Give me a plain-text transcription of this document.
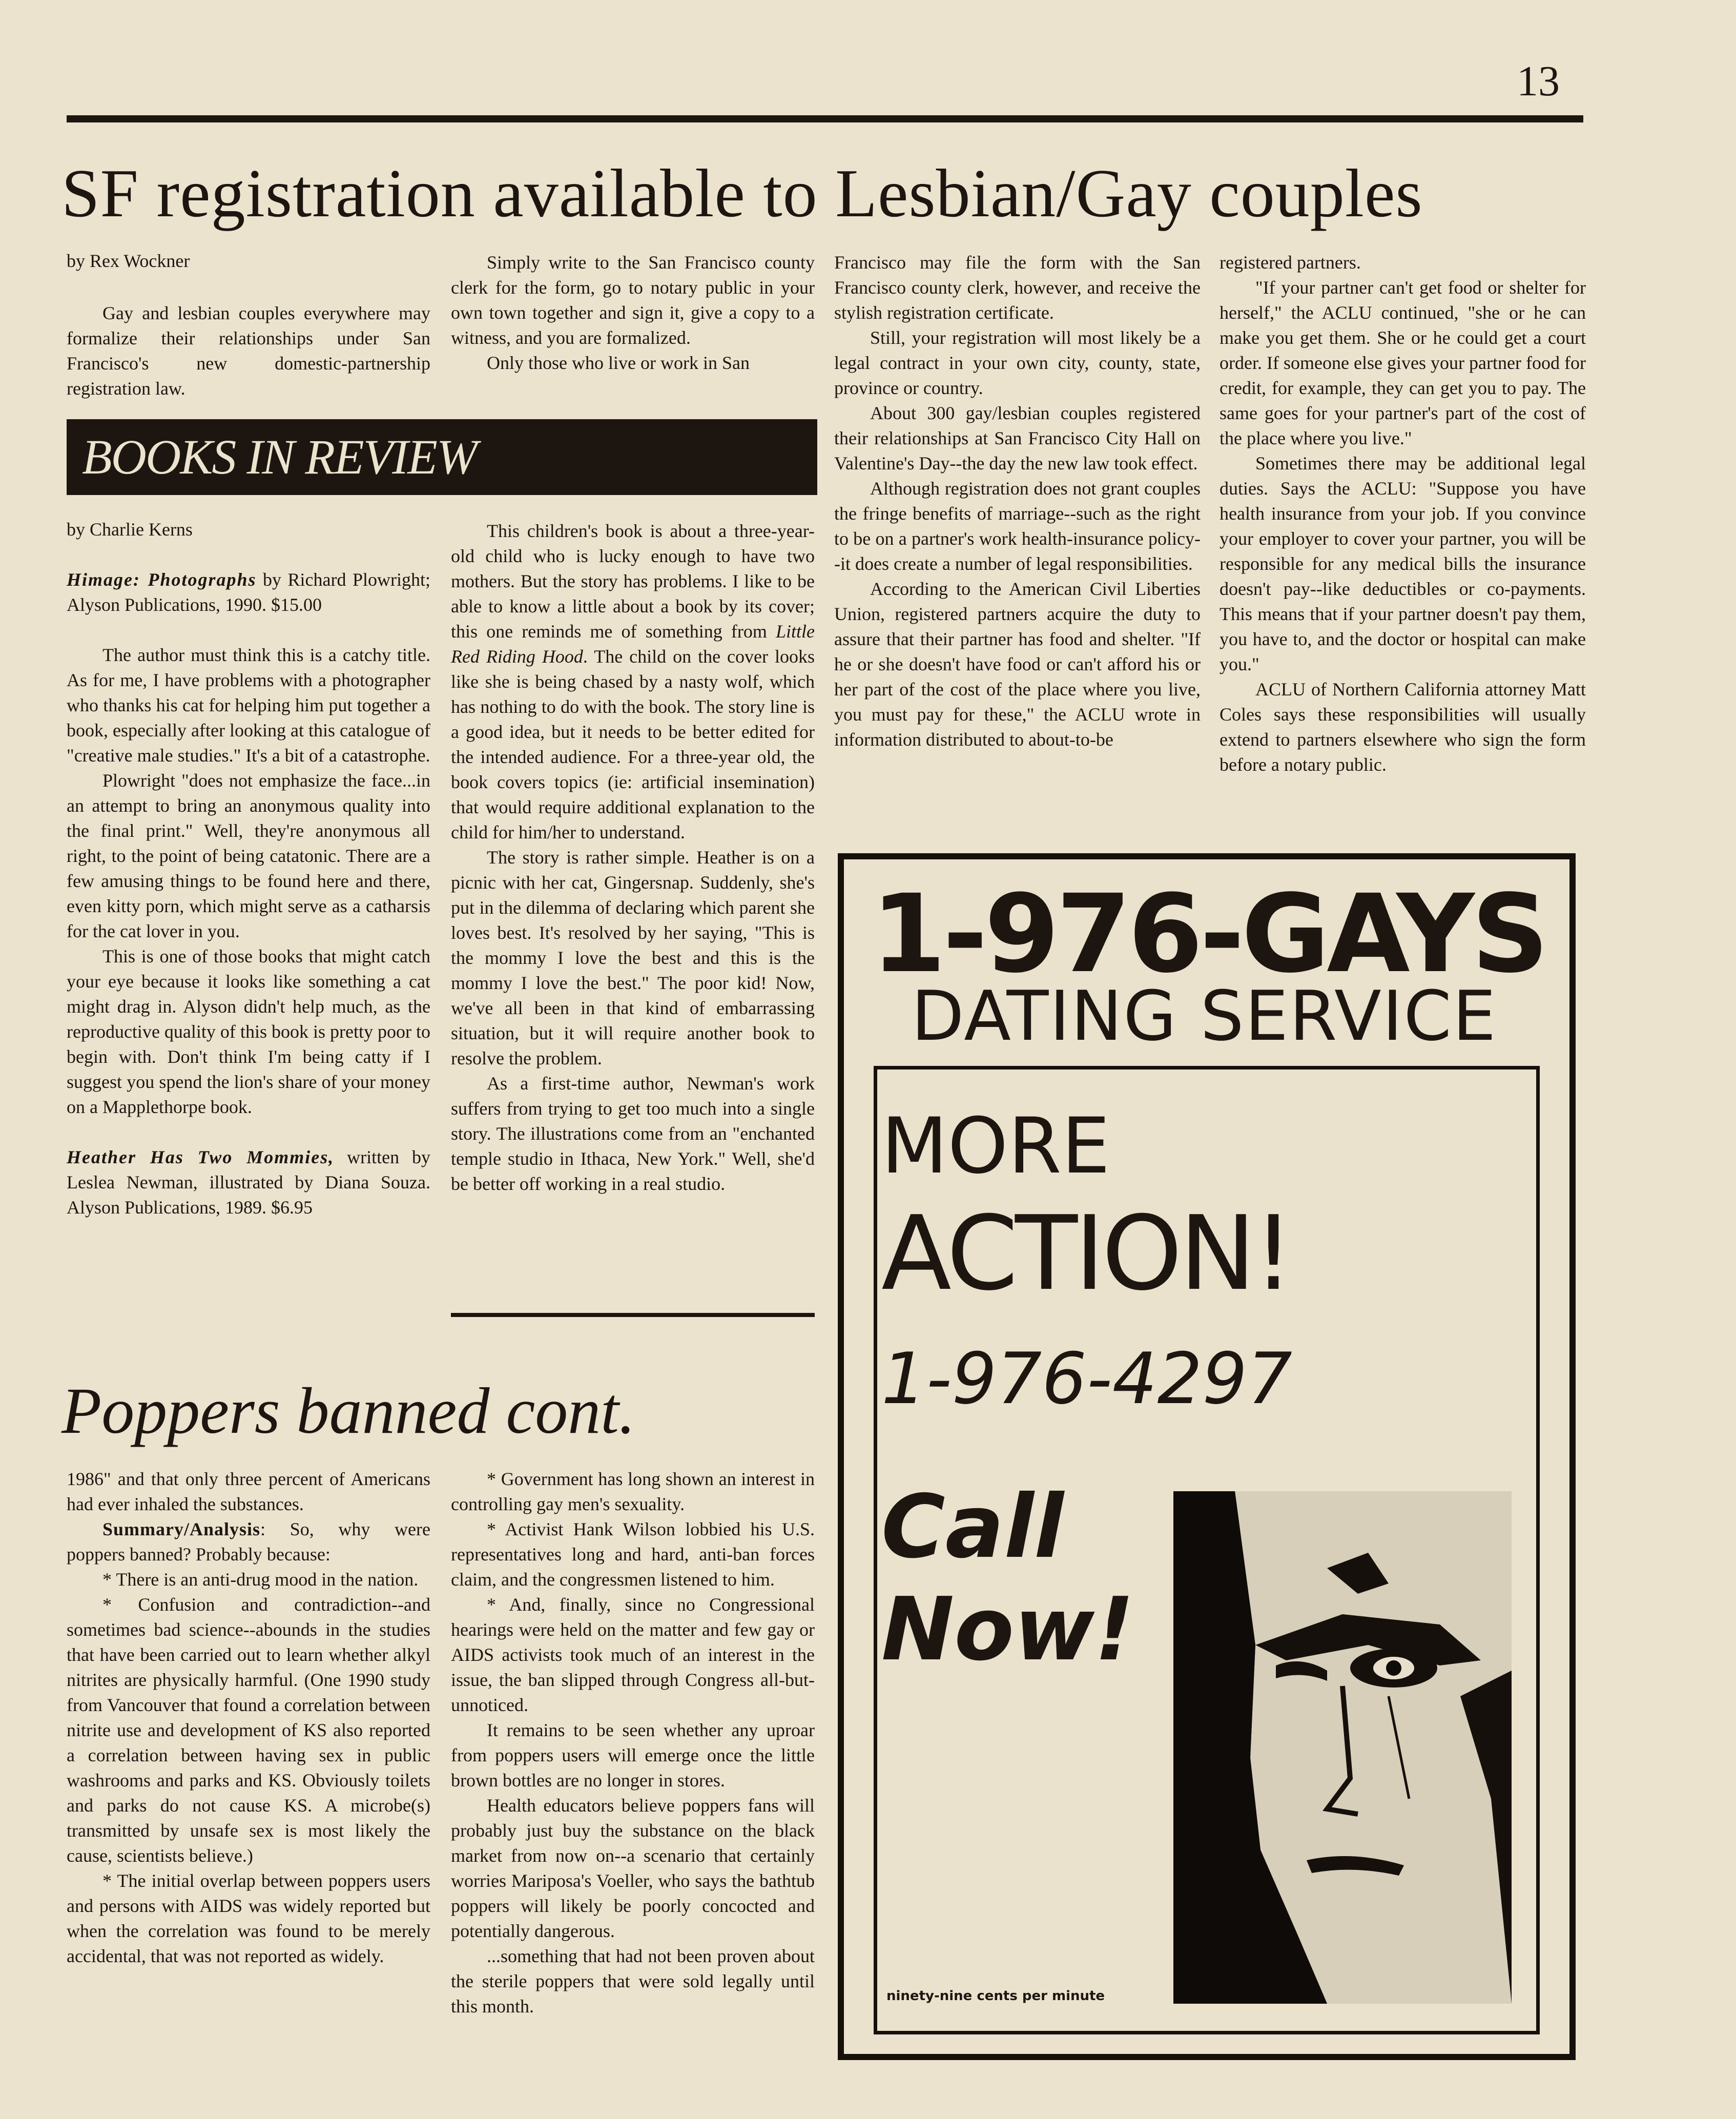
13
SF registration available to Lesbian/Gay couples
by Rex Wockner

Gay and lesbian couples everywhere may formalize their relationships under San Francisco's new domestic-partnership registration law.

Simply write to the San Francisco county clerk for the form, go to notary public in your own town together and sign it, give a copy to a witness, and you are formalized.

Only those who live or work in San

Francisco may file the form with the San Francisco county clerk, however, and receive the stylish registration certificate.

Still, your registration will most likely be a legal contract in your own city, county, state, province or country.

About 300 gay/lesbian couples registered their relationships at San Francisco City Hall on Valentine's Day--the day the new law took effect.

Although registration does not grant couples the fringe benefits of marriage--such as the right to be on a partner's work health-insurance policy--it does create a number of legal responsibilities.

According to the American Civil Liberties Union, registered partners acquire the duty to assure that their partner has food and shelter. "If he or she doesn't have food or can't afford his or her part of the cost of the place where you live, you must pay for these," the ACLU wrote in information distributed to about-to-be

registered partners.

"If your partner can't get food or shelter for herself," the ACLU continued, "she or he can make you get them. She or he could get a court order. If someone else gives your partner food for credit, for example, they can get you to pay. The same goes for your partner's part of the cost of the place where you live."

Sometimes there may be additional legal duties. Says the ACLU: "Suppose you have health insurance from your job. If you convince your employer to cover your partner, you will be responsible for any medical bills the insurance doesn't pay--like deductibles or co-payments. This means that if your partner doesn't pay them, you have to, and the doctor or hospital can make you."

ACLU of Northern California attorney Matt Coles says these responsibilities will usually extend to partners elsewhere who sign the form before a notary public.

BOOKS IN REVIEW
by Charlie Kerns

Himage: Photographs by Richard Plowright; Alyson Publications, 1990. $15.00

The author must think this is a catchy title. As for me, I have problems with a photographer who thanks his cat for helping him put together a book, especially after looking at this catalogue of "creative male studies." It's a bit of a catastrophe.

Plowright "does not emphasize the face...in an attempt to bring an anonymous quality into the final print." Well, they're anonymous all right, to the point of being catatonic. There are a few amusing things to be found here and there, even kitty porn, which might serve as a catharsis for the cat lover in you.

This is one of those books that might catch your eye because it looks like something a cat might drag in. Alyson didn't help much, as the reproductive quality of this book is pretty poor to begin with. Don't think I'm being catty if I suggest you spend the lion's share of your money on a Mapplethorpe book.

Heather Has Two Mommies, written by Leslea Newman, illustrated by Diana Souza. Alyson Publications, 1989. $6.95

This children's book is about a three-year-old child who is lucky enough to have two mothers. But the story has problems. I like to be able to know a little about a book by its cover; this one reminds me of something from Little Red Riding Hood. The child on the cover looks like she is being chased by a nasty wolf, which has nothing to do with the book. The story line is a good idea, but it needs to be better edited for the intended audience. For a three-year old, the book covers topics (ie: artificial insemination) that would require additional explanation to the child for him/her to understand.

The story is rather simple. Heather is on a picnic with her cat, Gingersnap. Suddenly, she's put in the dilemma of declaring which parent she loves best. It's resolved by her saying, "This is the mommy I love the best and this is the mommy I love the best." The poor kid! Now, we've all been in that kind of embarrassing situation, but it will require another book to resolve the problem.

As a first-time author, Newman's work suffers from trying to get too much into a single story. The illustrations come from an "enchanted temple studio in Ithaca, New York." Well, she'd be better off working in a real studio.

Poppers banned cont.

1986" and that only three percent of Americans had ever inhaled the substances.

Summary/Analysis: So, why were poppers banned? Probably because:

* There is an anti-drug mood in the nation.

* Confusion and contradiction--and sometimes bad science--abounds in the studies that have been carried out to learn whether alkyl nitrites are physically harmful. (One 1990 study from Vancouver that found a correlation between nitrite use and development of KS also reported a correlation between having sex in public washrooms and parks and KS. Obviously toilets and parks do not cause KS. A microbe(s) transmitted by unsafe sex is most likely the cause, scientists believe.)

* The initial overlap between poppers users and persons with AIDS was widely reported but when the correlation was found to be merely accidental, that was not reported as widely.

* Government has long shown an interest in controlling gay men's sexuality.

* Activist Hank Wilson lobbied his U.S. representatives long and hard, anti-ban forces claim, and the congressmen listened to him.

* And, finally, since no Congressional hearings were held on the matter and few gay or AIDS activists took much of an interest in the issue, the ban slipped through Congress all-but-unnoticed.

It remains to be seen whether any uproar from poppers users will emerge once the little brown bottles are no longer in stores.

Health educators believe poppers fans will probably just buy the substance on the black market from now on--a scenario that certainly worries Mariposa's Voeller, who says the bathtub poppers will likely be poorly concocted and potentially dangerous.

...something that had not been proven about the sterile poppers that were sold legally until this month.

1-976-GAYS
DATING SERVICE
MORE
ACTION!
1-976-4297
Call
Now!
ninety-nine cents per minute
